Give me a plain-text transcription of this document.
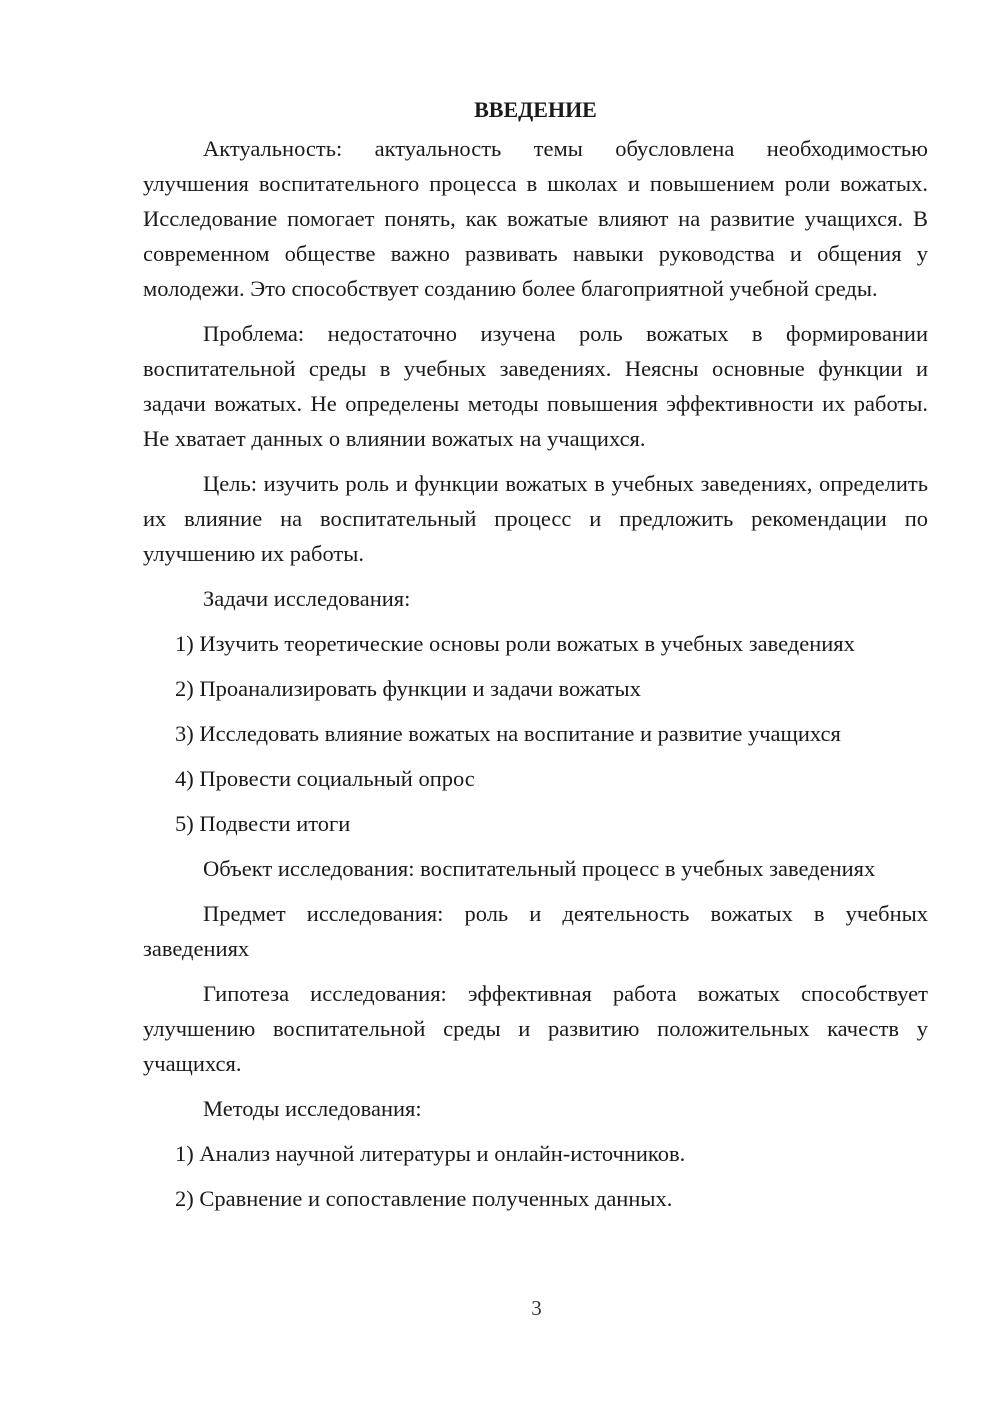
ВВЕДЕНИЕ
Актуальность: актуальность темы обусловлена необходимостью улучшения воспитательного процесса в школах и повышением роли вожатых. Исследование помогает понять, как вожатые влияют на развитие учащихся. В современном обществе важно развивать навыки руководства и общения у молодежи. Это способствует созданию более благоприятной учебной среды.
Проблема: недостаточно изучена роль вожатых в формировании воспитательной среды в учебных заведениях. Неясны основные функции и задачи вожатых. Не определены методы повышения эффективности их работы. Не хватает данных о влиянии вожатых на учащихся.
Цель: изучить роль и функции вожатых в учебных заведениях, определить их влияние на воспитательный процесс и предложить рекомендации по улучшению их работы.
Задачи исследования:
1) Изучить теоретические основы роли вожатых в учебных заведениях
2) Проанализировать функции и задачи вожатых
3) Исследовать влияние вожатых на воспитание и развитие учащихся
4) Провести социальный опрос
5) Подвести итоги
Объект исследования: воспитательный процесс в учебных заведениях
Предмет исследования: роль и деятельность вожатых в учебных заведениях
Гипотеза исследования: эффективная работа вожатых способствует улучшению воспитательной среды и развитию положительных качеств у учащихся.
Методы исследования:
1) Анализ научной литературы и онлайн-источников.
2) Сравнение и сопоставление полученных данных.
3
